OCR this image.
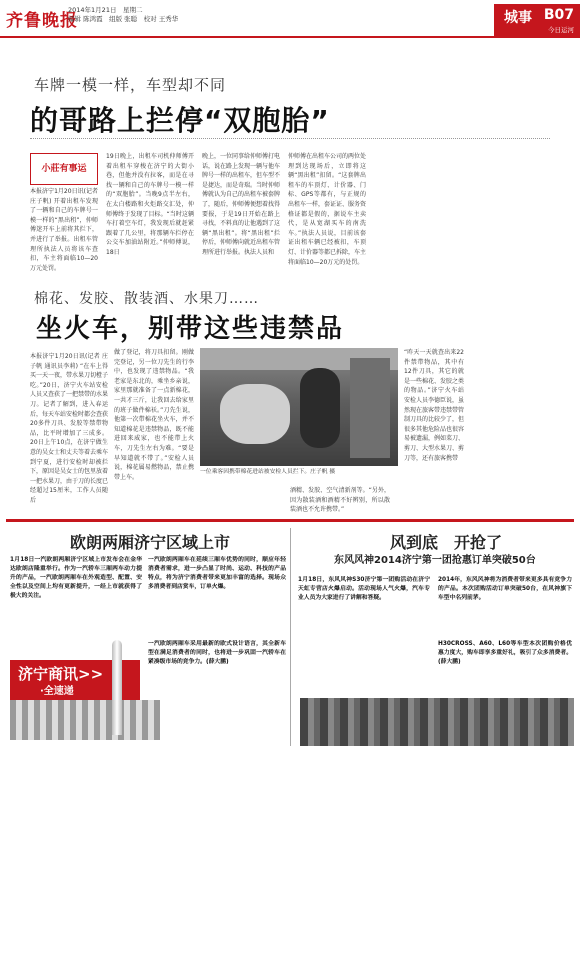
齐鲁晚报
2014年1月21日　星期二
编辑 陈鸿霞　组版 张聪　校对 王秀华	城事 B07
今日运河
车牌一模一样，车型却不同
的哥路上拦停“双胞胎”
小莊有事运
本报济宁1月20日讯(记者 庄子帆) 开着出租车发现了一辆和自己的车牌号一模一样的“黑出租”，仲师傅迷开车上前将其拦下，并进行了举报。出租车管理所执法人员将该车查扣，车主将面临10—20万元处罚。
19日晚上，出租车司机仲师傅开着出租车穿梭在济宁的大街小巷，但他并没有拉客，而是在寻找一辆和自己的车牌号一模一样的“双胞胎”。当晚9点半左右，在太白楼路和火炬路交汇处，仲师傅终于发现了目标。“当时这辆车打着空车灯，我发现后就赶紧跟着了几公里，将那辆车拦停在公交车加油站附近。”仲师傅说，18日
晚上，一位同事给仲师傅打电话，说在路上发现一辆与他车牌号一样的出租车，但车型不是捷达，而是奇瑞。当时仲师傅就认为自己的出租车被套牌了，随后，仲师傅便想着找得要报，于是19日开始在路上寻找，不料真的让他遇到了这辆“黑出租”。将“黑出租”拦停后，仲师傅向就近出租车管理所进行举报。执法人员和
仲师傅在出租车公司的两位处理到达现场后，立即将这辆“黑出租”扣留。“这套牌出租车的车顶灯、计价器、门标、GPS等都有，与正规的出租车一样，套证证、服务资格证都是假的，据说车主卖代，是从宽湖买车的南洗车。”执法人员说，目前该套证出租车辆已经被扣，车顶灯、计价器等都已拆除，车主将面临10—20万元的处罚。
棉花、发胶、散装酒、水果刀……
坐火车，别带这些违禁品
本报济宁1月20日讯(记者 庄子帆 通讯员李莉) “在车上得买一天一夜，带水果刀切橙子吃。”20日，济宁火车站安检人员又查获了一把禁带的水果刀。记者了解到，进入春运后，每天车站安检时都会查获20多件刀具、发胶等禁带物品，比平时增加了三成多。20日上午10点，在济宁做生意的吴女士和丈夫等着去乘车到宁夏，进行安检时却被拦下，原因是吴女士的包里放着一把水果刀，由于刀的长度已经超过15厘米，工作人员随后
做了登记，将刀具扣留。刚做完登记，另一位刀先生的行李中，也发现了违禁物品。“我老家是东北的，乘坐乡亲说，家里那就准备了一点新棉花，一共才三斤，让我回去给家里的班子做件棉袄。”刀先生说，他第一次带棉花坐火车，并不知道棉花是违禁物品，既不能进回来威家，也不能带上火车，刀先生左右为难。“要是早知道就不带了。”安检人员说，棉花属易燃物品，禁止携带上车。
一位乘客因携带棉花进站被安检人员拦下。庄子帆 摄
“昨天一天就查出来22件禁带物品，其中有12件刀具，其它的就是一些棉花、发胶之类的物品。”济宁火车站安检人员李德臣说，虽然现在旅客带违禁带管制刀具的比较少了，但很多其他危险品也很容易被遗漏，例如菜刀、剪刀、大型水果刀、剪刀等，还有旅客携带
酒精、发胶、空气清新剂等。“另外，因为散装酒和酒精不好辨别，所以散装酒也不允许携带。”
欧朗两厢济宁区域上市
1月18日一汽欧朗两厢济宁区域上市发布会在金华达欧朗店隆重举行。作为一汽轿车三厢两车动力提升的产品，一汽欧朗两厢车在外观造型、配置、安全性以及空间上均有更新提升，一经上市就获得了极大的关注。
一汽欧朗两厢车在延续三厢车优势的同时，顺应年轻消费者需求，进一步凸显了时尚、运动、科技的产品特点，将为济宁消费者带来更加丰富的选择。现场众多消费者到店赏车，订单火爆。
一汽欧朗两厢车采用最新的欧式设计语言，其全新车型在满足消费者的同时，也将进一步巩固一汽轿车在紧凑级市场的竞争力。(薛大鹏)
济宁商讯>>
·全速递
风到底　开抢了
东风风神2014济宁第一团抢惠订单突破50台
1月18日，东风风神S30济宁第一团购活动在济宁天虹专营店火爆启动。活动现场人气火爆，汽车专业人员为大家进行了讲解和答疑。
2014年，东风风神将为消费者带来更多具有竞争力的产品。本次团购活动订单突破50台，在风神旗下车型中名列前茅。
H30CROSS、A60、L60等车型本次团购价格优惠力度大，购车即享多重好礼，吸引了众多消费者。(薛大鹏)
